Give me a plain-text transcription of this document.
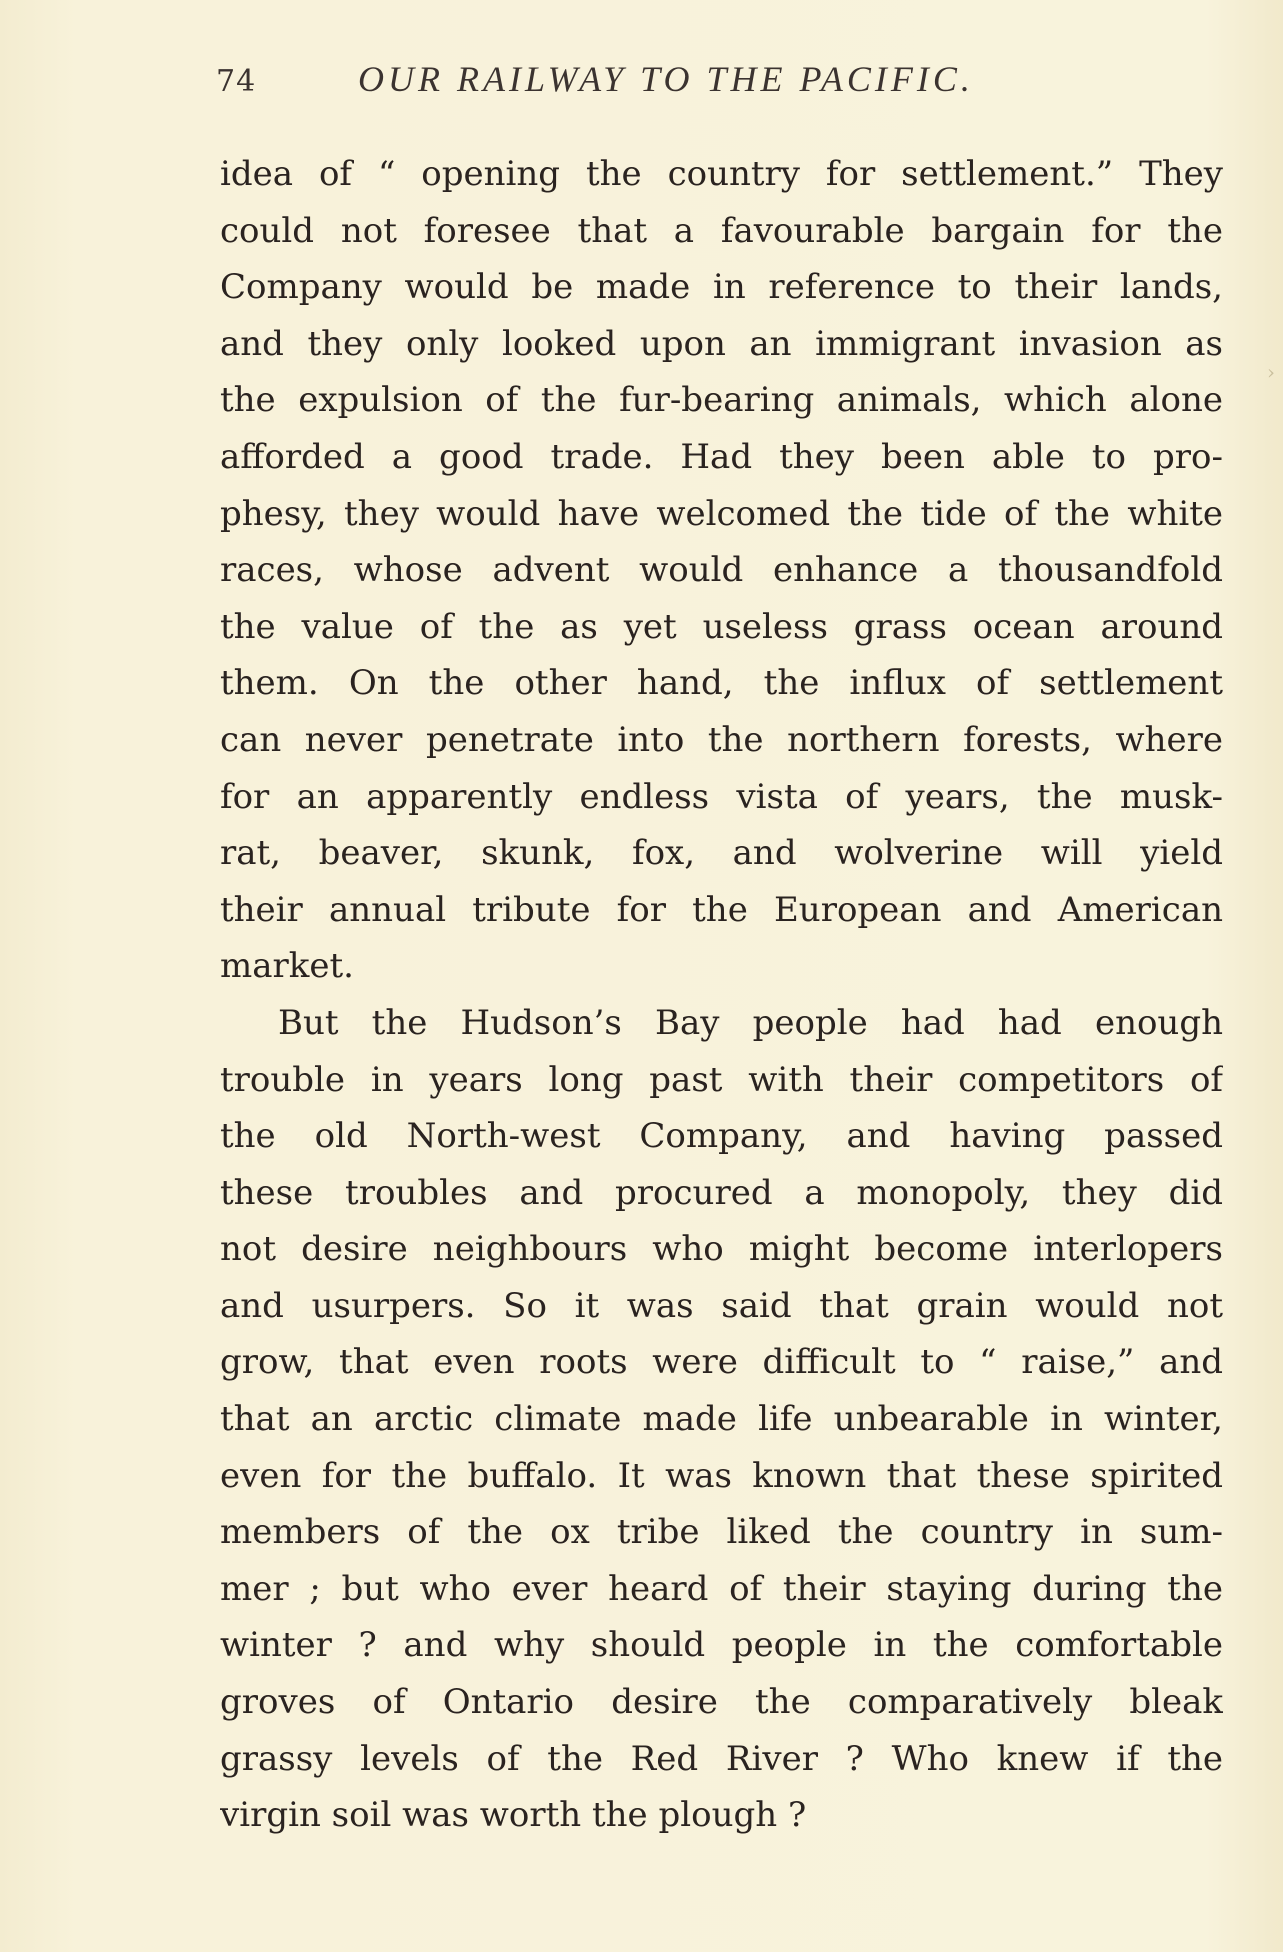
74	OUR RAILWAY TO THE PACIFIC.
idea of “ opening the country for settlement.” They
could not foresee that a favourable bargain for the
Company would be made in reference to their lands,
and they only looked upon an immigrant invasion as
the expulsion of the fur-bearing animals, which alone
afforded a good trade. Had they been able to pro-
phesy, they would have welcomed the tide of the white
races, whose advent would enhance a thousandfold
the value of the as yet useless grass ocean around
them. On the other hand, the influx of settlement
can never penetrate into the northern forests, where
for an apparently endless vista of years, the musk-
rat, beaver, skunk, fox, and wolverine will yield
their annual tribute for the European and American
market.
But the Hudson’s Bay people had had enough
trouble in years long past with their competitors of
the old North-west Company, and having passed
these troubles and procured a monopoly, they did
not desire neighbours who might become interlopers
and usurpers. So it was said that grain would not
grow, that even roots were difficult to “ raise,” and
that an arctic climate made life unbearable in winter,
even for the buffalo. It was known that these spirited
members of the ox tribe liked the country in sum-
mer ; but who ever heard of their staying during the
winter ? and why should people in the comfortable
groves of Ontario desire the comparatively bleak
grassy levels of the Red River ? Who knew if the
virgin soil was worth the plough ?
›
